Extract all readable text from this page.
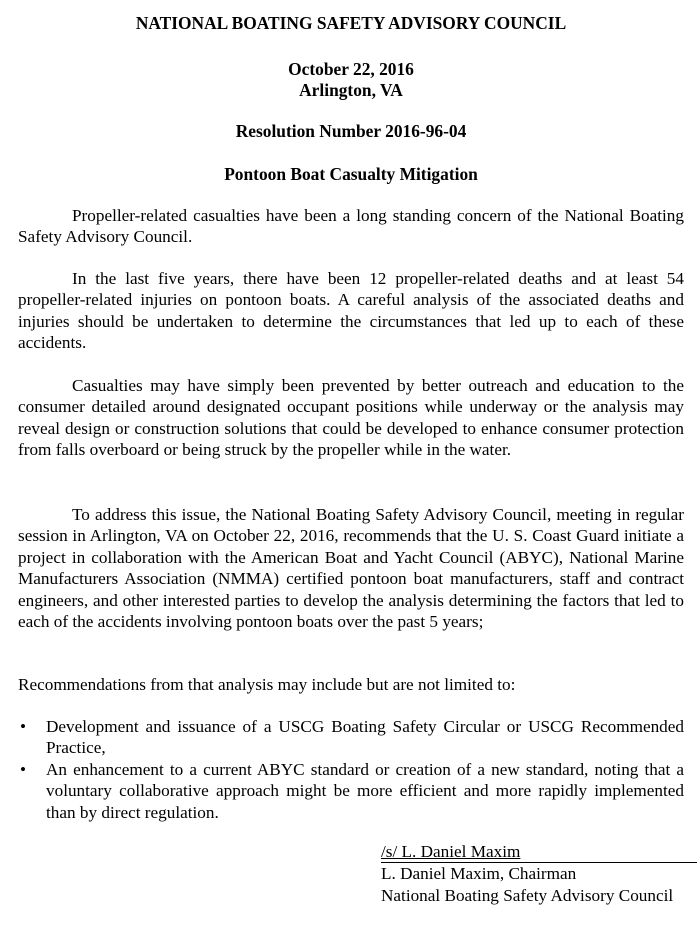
NATIONAL BOATING SAFETY ADVISORY COUNCIL
October 22, 2016
Arlington, VA
Resolution Number 2016-96-04
Pontoon Boat Casualty Mitigation
Propeller-related casualties have been a long standing concern of the National Boating Safety Advisory Council.
In the last five years, there have been 12 propeller-related deaths and at least 54 propeller-related injuries on pontoon boats. A careful analysis of the associated deaths and injuries should be undertaken to determine the circumstances that led up to each of these accidents.
Casualties may have simply been prevented by better outreach and education to the consumer detailed around designated occupant positions while underway or the analysis may reveal design or construction solutions that could be developed to enhance consumer protection from falls overboard or being struck by the propeller while in the water.
To address this issue, the National Boating Safety Advisory Council, meeting in regular session in Arlington, VA on October 22, 2016, recommends that the U. S. Coast Guard initiate a project in collaboration with the American Boat and Yacht Council (ABYC), National Marine Manufacturers Association (NMMA) certified pontoon boat manufacturers, staff and contract engineers, and other interested parties to develop the analysis determining the factors that led to each of the accidents involving pontoon boats over the past 5 years;
Recommendations from that analysis may include but are not limited to:
• Development and issuance of a USCG Boating Safety Circular or USCG Recommended Practice,
• An enhancement to a current ABYC standard or creation of a new standard, noting that a voluntary collaborative approach might be more efficient and more rapidly implemented than by direct regulation.
/s/ L. Daniel Maxim
L. Daniel Maxim, Chairman
National Boating Safety Advisory Council
